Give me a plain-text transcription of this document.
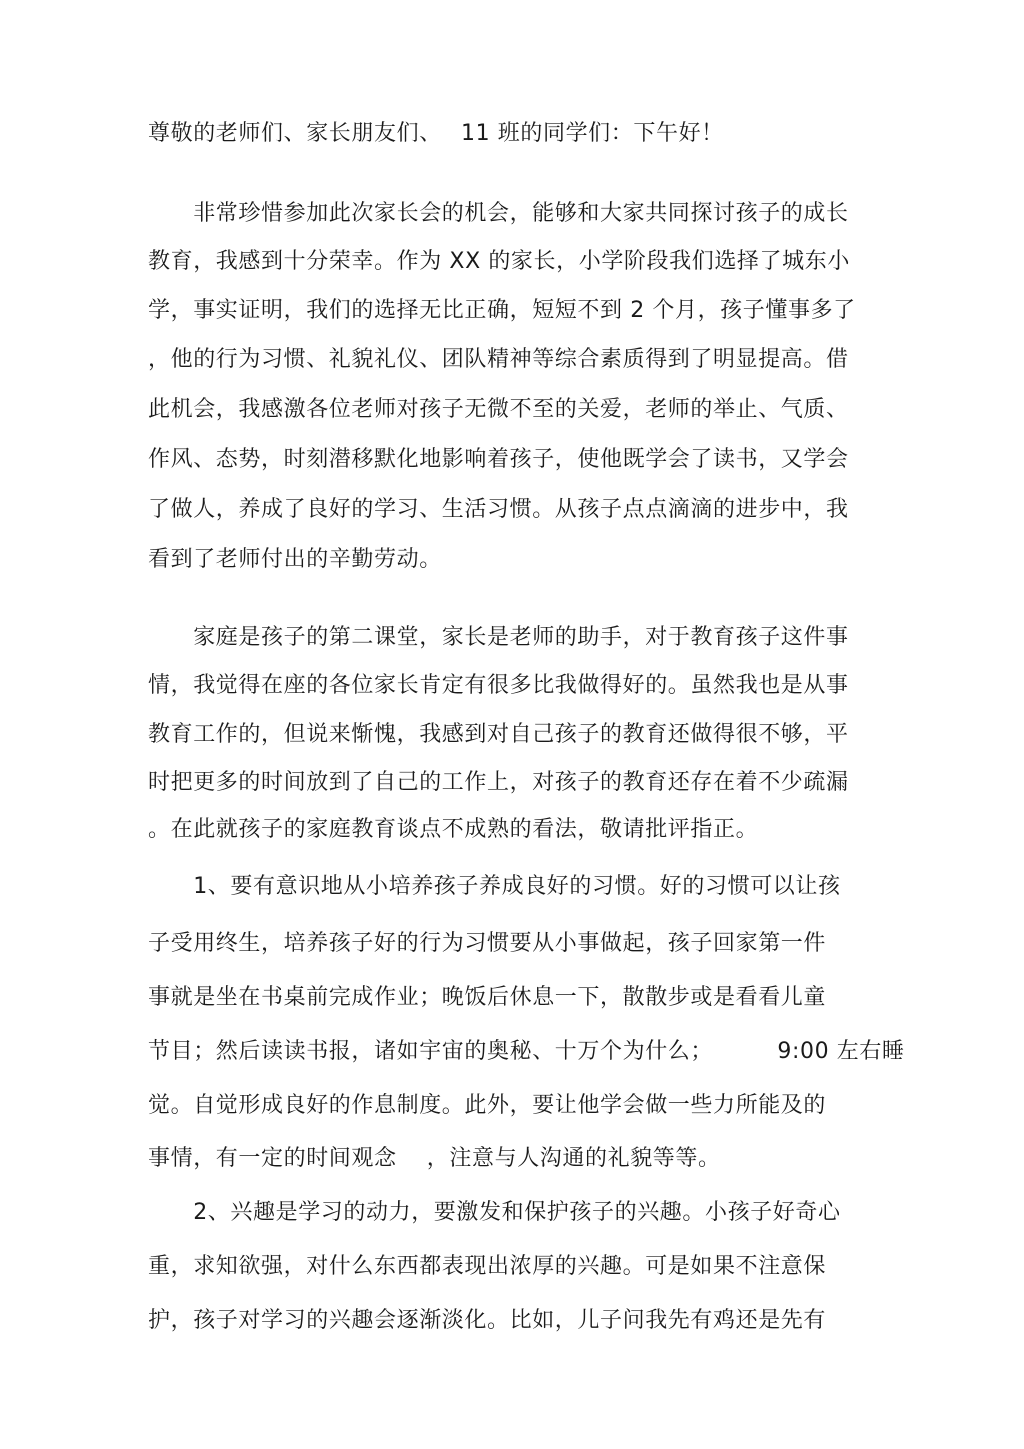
尊敬的老师们、家长朋友们、　 11 班的同学们：下午好！
　　非常珍惜参加此次家长会的机会，能够和大家共同探讨孩子的成长
教育，我感到十分荣幸。作为 XX 的家长，小学阶段我们选择了城东小
学，事实证明，我们的选择无比正确，短短不到 2 个月，孩子懂事多了
，他的行为习惯、礼貌礼仪、团队精神等综合素质得到了明显提高。借
此机会，我感激各位老师对孩子无微不至的关爱，老师的举止、气质、
作风、态势，时刻潜移默化地影响着孩子，使他既学会了读书，又学会
了做人，养成了良好的学习、生活习惯。从孩子点点滴滴的进步中，我
看到了老师付出的辛勤劳动。
　　家庭是孩子的第二课堂，家长是老师的助手，对于教育孩子这件事
情，我觉得在座的各位家长肯定有很多比我做得好的。虽然我也是从事
教育工作的，但说来惭愧，我感到对自己孩子的教育还做得很不够，平
时把更多的时间放到了自己的工作上，对孩子的教育还存在着不少疏漏
。在此就孩子的家庭教育谈点不成熟的看法，敬请批评指正。
　　1、要有意识地从小培养孩子养成良好的习惯。好的习惯可以让孩
子受用终生，培养孩子好的行为习惯要从小事做起，孩子回家第一件
事就是坐在书桌前完成作业；晚饭后休息一下，散散步或是看看儿童
节目；然后读读书报，诸如宇宙的奥秘、十万个为什么；　　　 9:00 左右睡
觉。自觉形成良好的作息制度。此外，要让他学会做一些力所能及的
事情，有一定的时间观念　 ，注意与人沟通的礼貌等等。
　　2、兴趣是学习的动力，要激发和保护孩子的兴趣。小孩子好奇心
重，求知欲强，对什么东西都表现出浓厚的兴趣。可是如果不注意保
护，孩子对学习的兴趣会逐渐淡化。比如，儿子问我先有鸡还是先有
